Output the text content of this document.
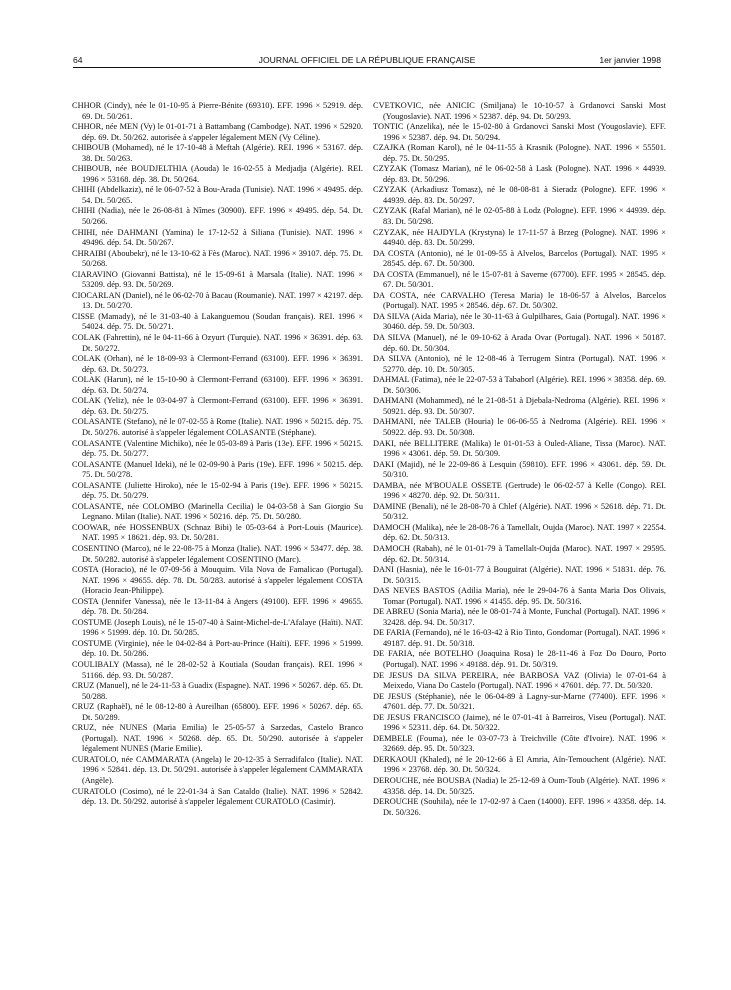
64	JOURNAL OFFICIEL DE LA RÉPUBLIQUE FRANÇAISE	1er janvier 1998
CHHOR (Cindy), née le 01-10-95 à Pierre-Bénite (69310). EFF. 1996 × 52919. dép. 69. Dt. 50/261.
CHHOR, née MEN (Vy) le 01-01-71 à Battambang (Cambodge). NAT. 1996 × 52920. dép. 69. Dt. 50/262. autorisée à s'appeler légalement MEN (Vy Céline).
CHIBOUB (Mohamed), né le 17-10-48 à Meftah (Algérie). REI. 1996 × 53167. dép. 38. Dt. 50/263.
CHIBOUB, née BOUDJELTHIA (Aouda) le 16-02-55 à Medjadja (Algérie). REI. 1996 × 53168. dép. 38. Dt. 50/264.
CHIHI (Abdelkaziz), né le 06-07-52 à Bou-Arada (Tunisie). NAT. 1996 × 49495. dép. 54. Dt. 50/265.
CHIHI (Nadia), née le 26-08-81 à Nîmes (30900). EFF. 1996 × 49495. dép. 54. Dt. 50/266.
CHIHI, née DAHMANI (Yamina) le 17-12-52 à Siliana (Tunisie). NAT. 1996 × 49496. dép. 54. Dt. 50/267.
CHRAIBI (Aboubekr), né le 13-10-62 à Fès (Maroc). NAT. 1996 × 39107. dép. 75. Dt. 50/268.
CIARAVINO (Giovanni Battista), né le 15-09-61 à Marsala (Italie). NAT. 1996 × 53209. dép. 93. Dt. 50/269.
CIOCARLAN (Daniel), né le 06-02-70 à Bacau (Roumanie). NAT. 1997 × 42197. dép. 13. Dt. 50/270.
CISSE (Mamady), né le 31-03-40 à Lakanguemou (Soudan français). REI. 1996 × 54024. dép. 75. Dt. 50/271.
COLAK (Fahrettin), né le 04-11-66 à Ozyurt (Turquie). NAT. 1996 × 36391. dép. 63. Dt. 50/272.
COLAK (Orhan), né le 18-09-93 à Clermont-Ferrand (63100). EFF. 1996 × 36391. dép. 63. Dt. 50/273.
COLAK (Harun), né le 15-10-90 à Clermont-Ferrand (63100). EFF. 1996 × 36391. dép. 63. Dt. 50/274.
COLAK (Yeliz), née le 03-04-97 à Clermont-Ferrand (63100). EFF. 1996 × 36391. dép. 63. Dt. 50/275.
COLASANTE (Stefano), né le 07-02-55 à Rome (Italie). NAT. 1996 × 50215. dép. 75. Dt. 50/276. autorisé à s'appeler légalement COLASANTE (Stéphane).
COLASANTE (Valentine Michiko), née le 05-03-89 à Paris (13e). EFF. 1996 × 50215. dép. 75. Dt. 50/277.
COLASANTE (Manuel Ideki), né le 02-09-90 à Paris (19e). EFF. 1996 × 50215. dép. 75. Dt. 50/278.
COLASANTE (Juliette Hiroko), née le 15-02-94 à Paris (19e). EFF. 1996 × 50215. dép. 75. Dt. 50/279.
COLASANTE, née COLOMBO (Marinella Cecilia) le 04-03-58 à San Giorgio Su Legnano. Milan (Italie). NAT. 1996 × 50216. dép. 75. Dt. 50/280.
COOWAR, née HOSSENBUX (Schnaz Bibi) le 05-03-64 à Port-Louis (Maurice). NAT. 1995 × 18621. dép. 93. Dt. 50/281.
COSENTINO (Marco), né le 22-08-75 à Monza (Italie). NAT. 1996 × 53477. dép. 38. Dt. 50/282. autorisé à s'appeler légalement COSENTINO (Marc).
COSTA (Horacio), né le 07-09-56 à Mouquim. Vila Nova de Famalicao (Portugal). NAT. 1996 × 49655. dép. 78. Dt. 50/283. autorisé à s'appeler légalement COSTA (Horacio Jean-Philippe).
COSTA (Jennifer Vanessa), née le 13-11-84 à Angers (49100). EFF. 1996 × 49655. dép. 78. Dt. 50/284.
COSTUME (Joseph Louis), né le 15-07-40 à Saint-Michel-de-L'Afalaye (Haïti). NAT. 1996 × 51999. dép. 10. Dt. 50/285.
COSTUME (Virginie), née le 04-02-84 à Port-au-Prince (Haïti). EFF. 1996 × 51999. dép. 10. Dt. 50/286.
COULIBALY (Massa), né le 28-02-52 à Koutiala (Soudan français). REI. 1996 × 51166. dép. 93. Dt. 50/287.
CRUZ (Manuel), né le 24-11-53 à Guadix (Espagne). NAT. 1996 × 50267. dép. 65. Dt. 50/288.
CRUZ (Raphaël), né le 08-12-80 à Aureilhan (65800). EFF. 1996 × 50267. dép. 65. Dt. 50/289.
CRUZ, née NUNES (Maria Emilia) le 25-05-57 à Sarzedas, Castelo Branco (Portugal). NAT. 1996 × 50268. dép. 65. Dt. 50/290. autorisée à s'appeler légalement NUNES (Marie Emilie).
CURATOLO, née CAMMARATA (Angela) le 20-12-35 à Serradifalco (Italie). NAT. 1996 × 52841. dép. 13. Dt. 50/291. autorisée à s'appeler légalement CAMMARATA (Angèle).
CURATOLO (Cosimo), né le 22-01-34 à San Cataldo (Italie). NAT. 1996 × 52842. dép. 13. Dt. 50/292. autorisé à s'appeler légalement CURATOLO (Casimir).
CVETKOVIC, née ANICIC (Smiljana) le 10-10-57 à Grdanovci Sanski Most (Yougoslavie). NAT. 1996 × 52387. dép. 94. Dt. 50/293.
TONTIC (Anzelika), née le 15-02-80 à Grdanovci Sanski Most (Yougoslavie). EFF. 1996 × 52387. dép. 94. Dt. 50/294.
CZAJKA (Roman Karol), né le 04-11-55 à Krasnik (Pologne). NAT. 1996 × 55501. dép. 75. Dt. 50/295.
CZYZAK (Tomasz Marian), né le 06-02-58 à Lask (Pologne). NAT. 1996 × 44939. dép. 83. Dt. 50/296.
CZYZAK (Arkadiusz Tomasz), né le 08-08-81 à Sieradz (Pologne). EFF. 1996 × 44939. dép. 83. Dt. 50/297.
CZYZAK (Rafal Marian), né le 02-05-88 à Lodz (Pologne). EFF. 1996 × 44939. dép. 83. Dt. 50/298.
CZYZAK, née HAJDYLA (Krystyna) le 17-11-57 à Brzeg (Pologne). NAT. 1996 × 44940. dép. 83. Dt. 50/299.
DA COSTA (Antonio), né le 01-09-55 à Alvelos, Barcelos (Portugal). NAT. 1995 × 28545. dép. 67. Dt. 50/300.
DA COSTA (Emmanuel), né le 15-07-81 à Saverne (67700). EFF. 1995 × 28545. dép. 67. Dt. 50/301.
DA COSTA, née CARVALHO (Teresa Maria) le 18-06-57 à Alvelos, Barcelos (Portugal). NAT. 1995 × 28546. dép. 67. Dt. 50/302.
DA SILVA (Aida Maria), née le 30-11-63 à Gulpilhares, Gaia (Portugal). NAT. 1996 × 30460. dép. 59. Dt. 50/303.
DA SILVA (Manuel), né le 09-10-62 à Arada Ovar (Portugal). NAT. 1996 × 50187. dép. 60. Dt. 50/304.
DA SILVA (Antonio), né le 12-08-46 à Terrugem Sintra (Portugal). NAT. 1996 × 52770. dép. 10. Dt. 50/305.
DAHMAL (Fatima), née le 22-07-53 à Tababorl (Algérie). REI. 1996 × 38358. dép. 69. Dt. 50/306.
DAHMANI (Mohammed), né le 21-08-51 à Djebala-Nedroma (Algérie). REI. 1996 × 50921. dép. 93. Dt. 50/307.
DAHMANI, née TALEB (Houria) le 06-06-55 à Nedroma (Algérie). REI. 1996 × 50922. dép. 93. Dt. 50/308.
DAKI, née BELLITERE (Malika) le 01-01-53 à Ouled-Aliane, Tissa (Maroc). NAT. 1996 × 43061. dép. 59. Dt. 50/309.
DAKI (Majid), né le 22-09-86 à Lesquin (59810). EFF. 1996 × 43061. dép. 59. Dt. 50/310.
DAMBA, née M'BOUALE OSSETE (Gertrude) le 06-02-57 à Kelle (Congo). REI. 1996 × 48270. dép. 92. Dt. 50/311.
DAMINE (Benali), né le 28-08-70 à Chlef (Algérie). NAT. 1996 × 52618. dép. 71. Dt. 50/312.
DAMOCH (Malika), née le 28-08-76 à Tamellalt, Oujda (Maroc). NAT. 1997 × 22554. dép. 62. Dt. 50/313.
DAMOCH (Rabah), né le 01-01-79 à Tamellalt-Oujda (Maroc). NAT. 1997 × 29595. dép. 62. Dt. 50/314.
DANI (Hasnia), née le 16-01-77 à Bouguirat (Algérie). NAT. 1996 × 51831. dép. 76. Dt. 50/315.
DAS NEVES BASTOS (Adilia Maria), née le 29-04-76 à Santa Maria Dos Olivais, Tomar (Portugal). NAT. 1996 × 41455. dép. 95. Dt. 50/316.
DE ABREU (Sonia Maria), née le 08-01-74 à Monte, Funchal (Portugal). NAT. 1996 × 32428. dép. 94. Dt. 50/317.
DE FARIA (Fernando), né le 16-03-42 à Rio Tinto, Gondomar (Portugal). NAT. 1996 × 49187. dép. 91. Dt. 50/318.
DE FARIA, née BOTELHO (Joaquina Rosa) le 28-11-46 à Foz Do Douro, Porto (Portugal). NAT. 1996 × 49188. dép. 91. Dt. 50/319.
DE JESUS DA SILVA PEREIRA, née BARBOSA VAZ (Olivia) le 07-01-64 à Meixedo, Viana Do Castelo (Portugal). NAT. 1996 × 47601. dép. 77. Dt. 50/320.
DE JESUS (Stéphanie), née le 06-04-89 à Lagny-sur-Marne (77400). EFF. 1996 × 47601. dép. 77. Dt. 50/321.
DE JESUS FRANCISCO (Jaime), né le 07-01-41 à Barreiros, Viseu (Portugal). NAT. 1996 × 52311. dép. 64. Dt. 50/322.
DEMBELE (Fouma), née le 03-07-73 à Treichville (Côte d'Ivoire). NAT. 1996 × 32669. dép. 95. Dt. 50/323.
DERKAOUI (Khaled), né le 20-12-66 à El Amria, Aïn-Temouchent (Algérie). NAT. 1996 × 23768. dép. 30. Dt. 50/324.
DEROUCHE, née BOUSBA (Nadia) le 25-12-69 à Oum-Toub (Algérie). NAT. 1996 × 43358. dép. 14. Dt. 50/325.
DEROUCHE (Souhila), née le 17-02-97 à Caen (14000). EFF. 1996 × 43358. dép. 14. Dt. 50/326.
